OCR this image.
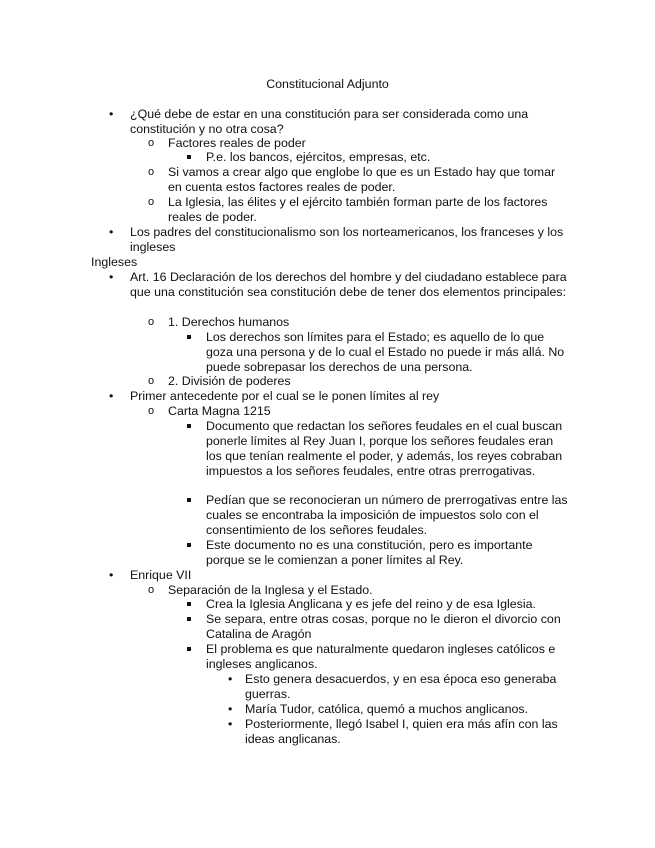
Constitucional Adjunto
• ¿Qué debe de estar en una constitución para ser considerada como una constitución y no otra cosa?
o Factores reales de poder
P.e. los bancos, ejércitos, empresas, etc.
o Si vamos a crear algo que englobe lo que es un Estado hay que tomar en cuenta estos factores reales de poder.
o La Iglesia, las élites y el ejército también forman parte de los factores reales de poder.
• Los padres del constitucionalismo son los norteamericanos, los franceses y los ingleses
• Art. 16 Declaración de los derechos del hombre y del ciudadano establece para que una constitución sea constitución debe de tener dos elementos principales:
o 1. Derechos humanos
Los derechos son límites para el Estado; es aquello de lo que goza una persona y de lo cual el Estado no puede ir más allá. No puede sobrepasar los derechos de una persona.
o 2. División de poderes
• Primer antecedente por el cual se le ponen límites al rey
o Carta Magna 1215
Documento que redactan los señores feudales en el cual buscan ponerle límites al Rey Juan I, porque los señores feudales eran los que tenían realmente el poder, y además, los reyes cobraban impuestos a los señores feudales, entre otras prerrogativas.
Pedían que se reconocieran un número de prerrogativas entre las cuales se encontraba la imposición de impuestos solo con el consentimiento de los señores feudales.
Este documento no es una constitución, pero es importante porque se le comienzan a poner límites al Rey.
• Enrique VII
o Separación de la Inglesa y el Estado.
Crea la Iglesia Anglicana y es jefe del reino y de esa Iglesia.
Se separa, entre otras cosas, porque no le dieron el divorcio con Catalina de Aragón
El problema es que naturalmente quedaron ingleses católicos e ingleses anglicanos.
• Esto genera desacuerdos, y en esa época eso generaba guerras.
• María Tudor, católica, quemó a muchos anglicanos.
• Posteriormente, llegó Isabel I, quien era más afín con las ideas anglicanas.
Ingleses
